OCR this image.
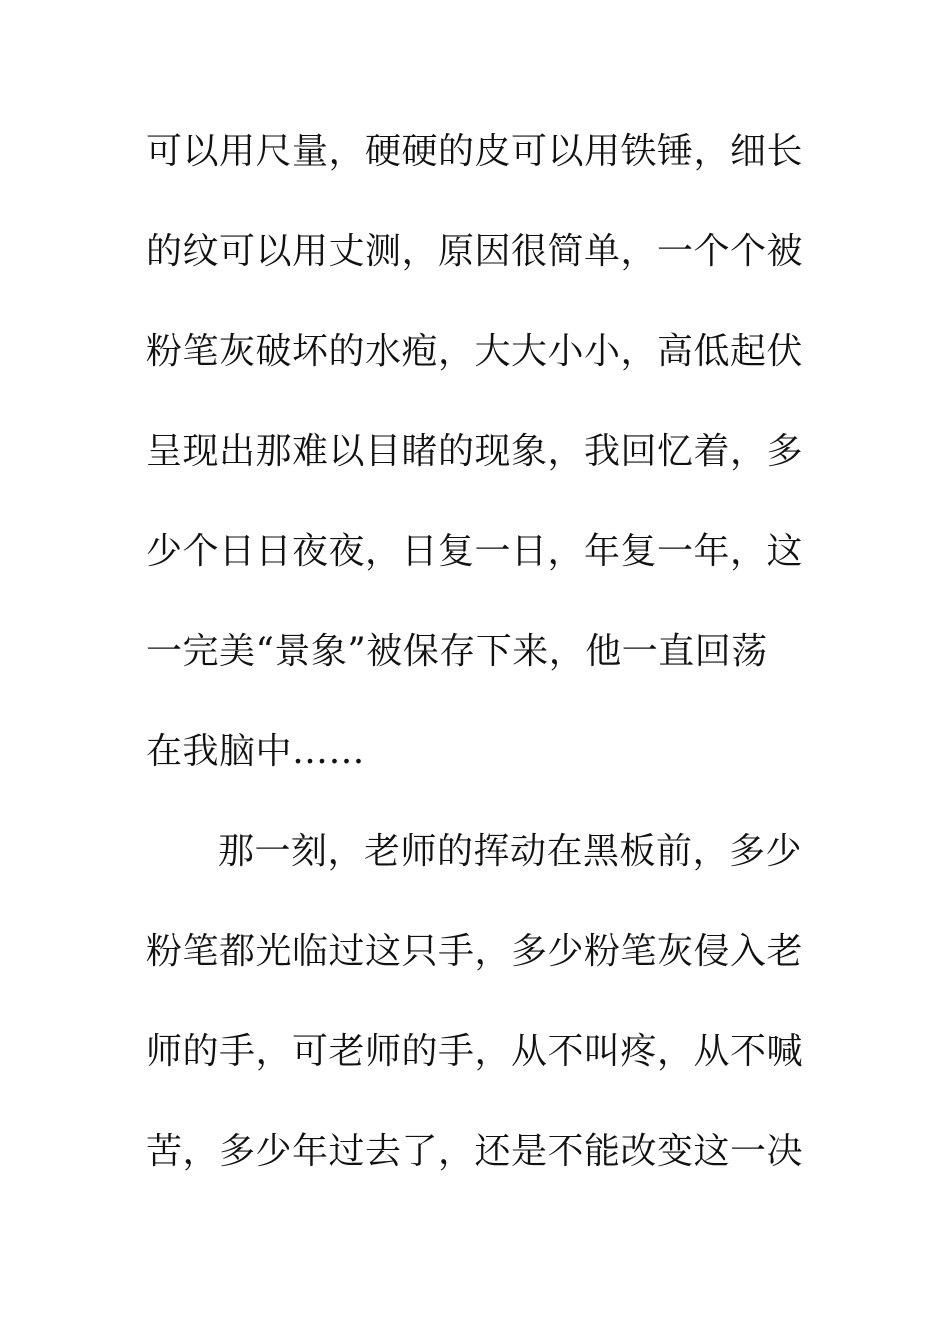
可以用尺量，硬硬的皮可以用铁锤，细长
的纹可以用丈测，原因很简单，一个个被
粉笔灰破坏的水疱，大大小小，高低起伏
呈现出那难以目睹的现象，我回忆着，多
少个日日夜夜，日复一日，年复一年，这
一完美“景象”被保存下来，他一直回荡
在我脑中……
那一刻，老师的挥动在黑板前，多少
粉笔都光临过这只手，多少粉笔灰侵入老
师的手，可老师的手，从不叫疼，从不喊
苦，多少年过去了，还是不能改变这一决
